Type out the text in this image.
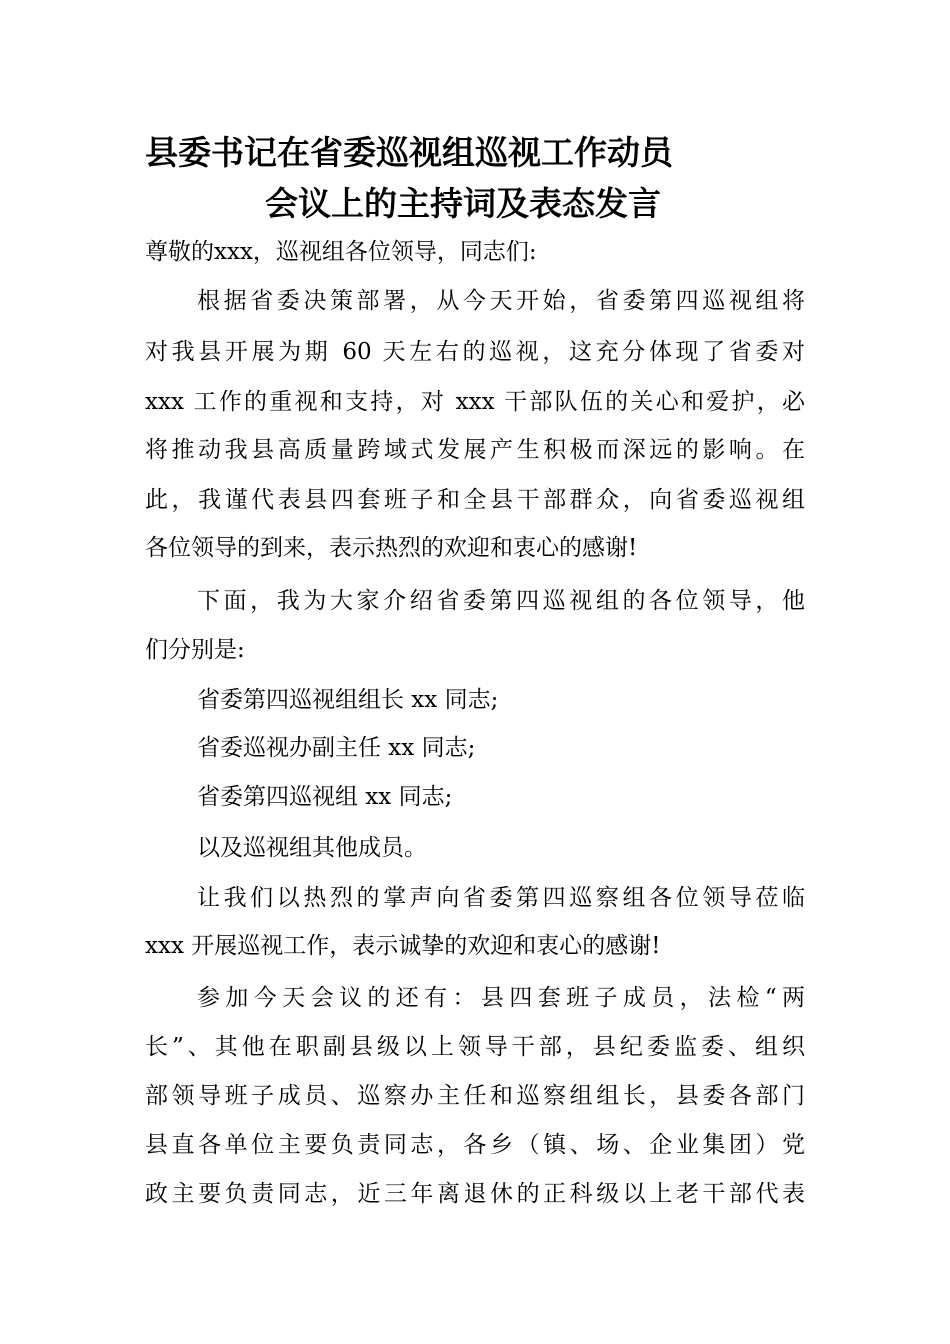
县委书记在省委巡视组巡视工作动员
会议上的主持词及表态发言
尊敬的xxx，巡视组各位领导，同志们:
根据省委决策部署，从今天开始，省委第四巡视组将
对我县开展为期 60 天左右的巡视，这充分体现了省委对
xxx 工作的重视和支持，对 xxx 干部队伍的关心和爱护，必
将推动我县高质量跨域式发展产生积极而深远的影响。在
此，我谨代表县四套班子和全县干部群众，向省委巡视组
各位领导的到来，表示热烈的欢迎和衷心的感谢!
下面，我为大家介绍省委第四巡视组的各位领导，他
们分别是:
省委第四巡视组组长 xx 同志;
省委巡视办副主任 xx 同志;
省委第四巡视组 xx 同志;
以及巡视组其他成员。
让我们以热烈的掌声向省委第四巡察组各位领导莅临
xxx 开展巡视工作，表示诚挚的欢迎和衷心的感谢!
参加今天会议的还有：县四套班子成员，法检“两
长”、其他在职副县级以上领导干部，县纪委监委、组织
部领导班子成员、巡察办主任和巡察组组长，县委各部门
县直各单位主要负责同志，各乡（镇、场、企业集团）党
政主要负责同志，近三年离退休的正科级以上老干部代表
